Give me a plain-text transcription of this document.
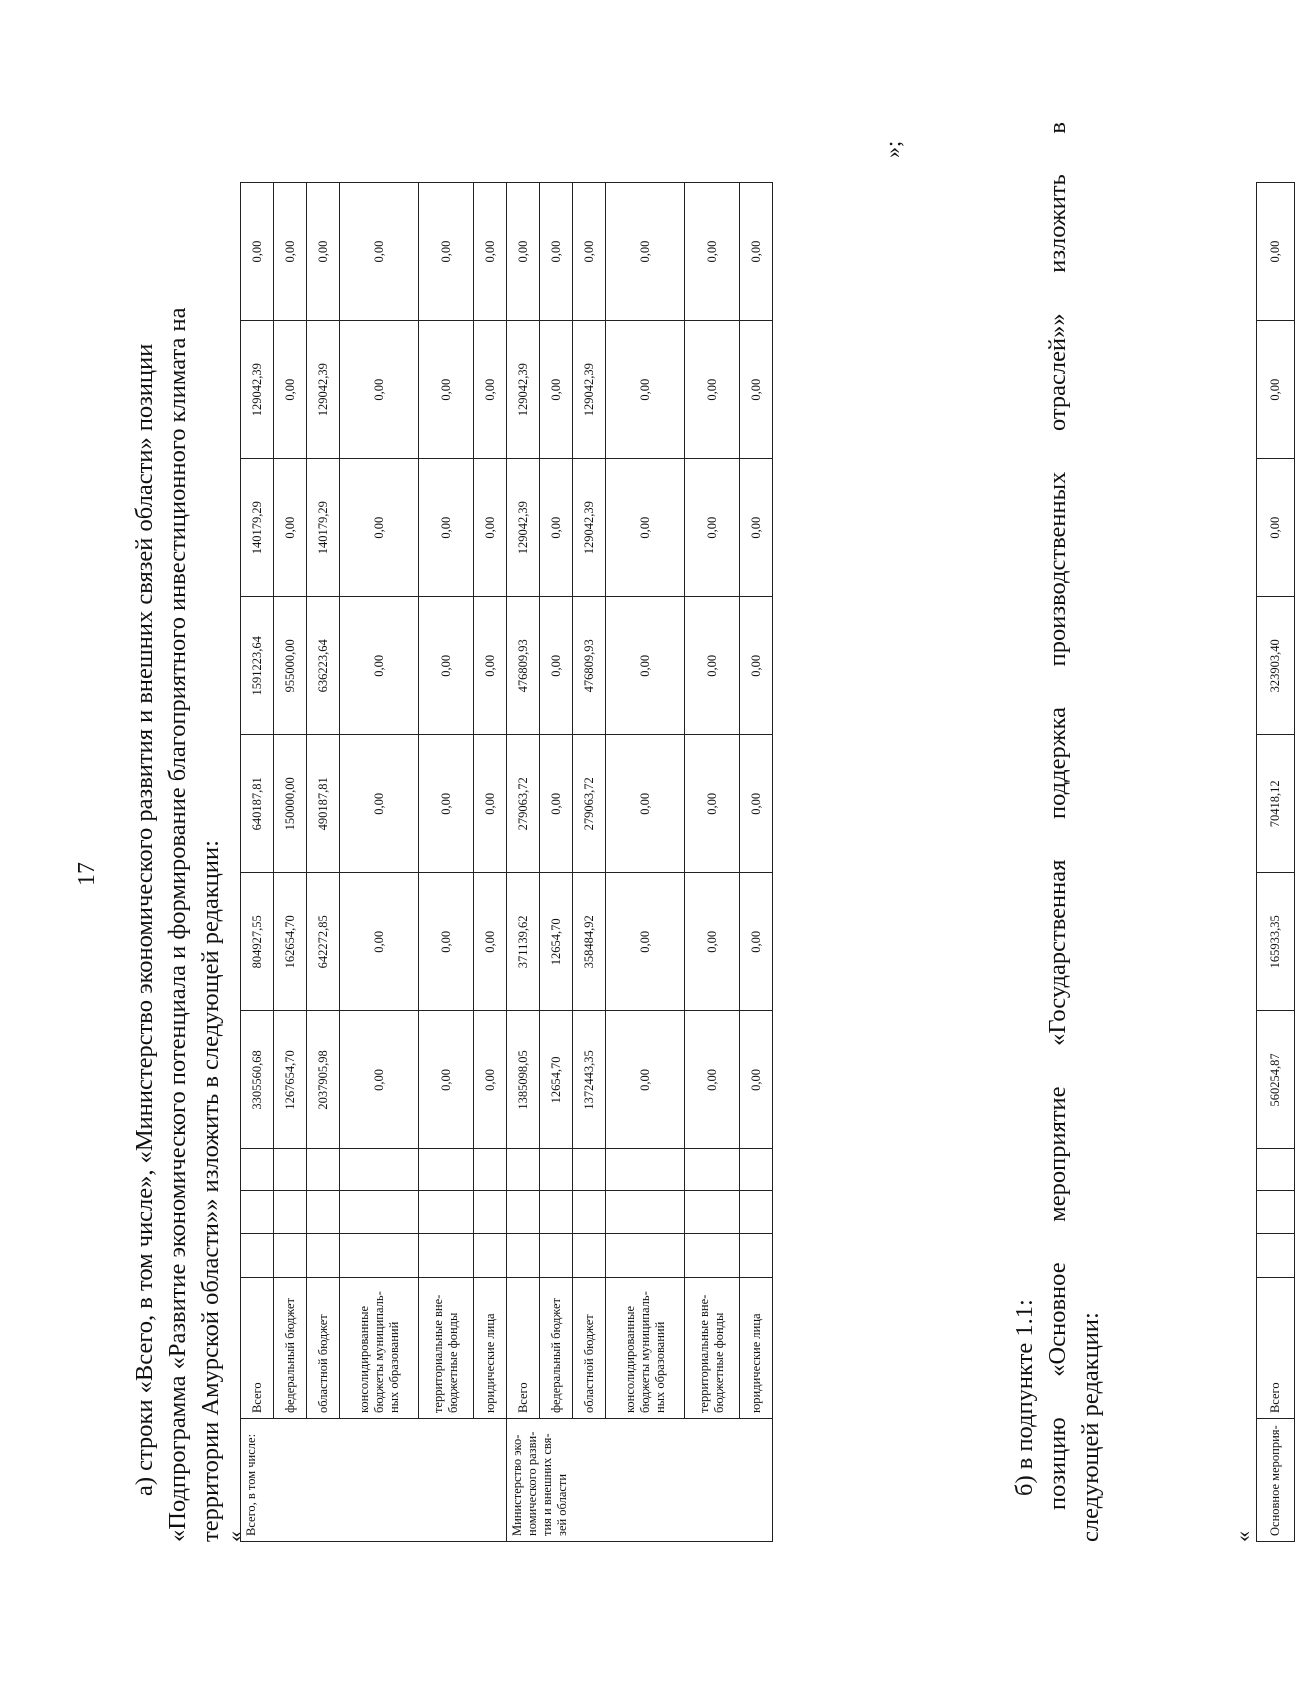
17 а) строки «Всего, в том числе», «Министерство экономического развития и внешних связей области» позиции «Подпрограмма «Развитие экономического потенциала и формирование благоприятного инвестиционного климата на территории Амурской области»» изложить в следующей редакции:

«
Всего, в том числе:	Всего				3305560,68	804927,55	640187,81	1591223,64	140179,29	129042,39	0,00
	федеральный бюджет				1267654,70	162654,70	150000,00	955000,00	0,00	0,00	0,00
	областной бюджет				2037905,98	642272,85	490187,81	636223,64	140179,29	129042,39	0,00
	консолидированные бюджеты муниципаль-ных образований				0,00	0,00	0,00	0,00	0,00	0,00	0,00
	территориальные вне-бюджетные фонды				0,00	0,00	0,00	0,00	0,00	0,00	0,00
	юридические лица				0,00	0,00	0,00	0,00	0,00	0,00	0,00
Министерство эко-номического разви-тия и внешних свя-зей области	Всего				1385098,05	371139,62	279063,72	476809,93	129042,39	129042,39	0,00
	федеральный бюджет				12654,70	12654,70	0,00	0,00	0,00	0,00	0,00
	областной бюджет				1372443,35	358484,92	279063,72	476809,93	129042,39	129042,39	0,00
	консолидированные бюджеты муниципаль-ных образований				0,00	0,00	0,00	0,00	0,00	0,00	0,00
	территориальные вне-бюджетные фонды				0,00	0,00	0,00	0,00	0,00	0,00	0,00
	юридические лица				0,00	0,00	0,00	0,00	0,00	0,00	0,00
»;

б) в подпункте 1.1: позицию «Основное мероприятие «Государственная поддержка производственных отраслей»» изложить в следующей редакции:	«
Основное мероприя-	Всего				560254,87	165933,35	70418,12	323903,40	0,00	0,00	0,00
